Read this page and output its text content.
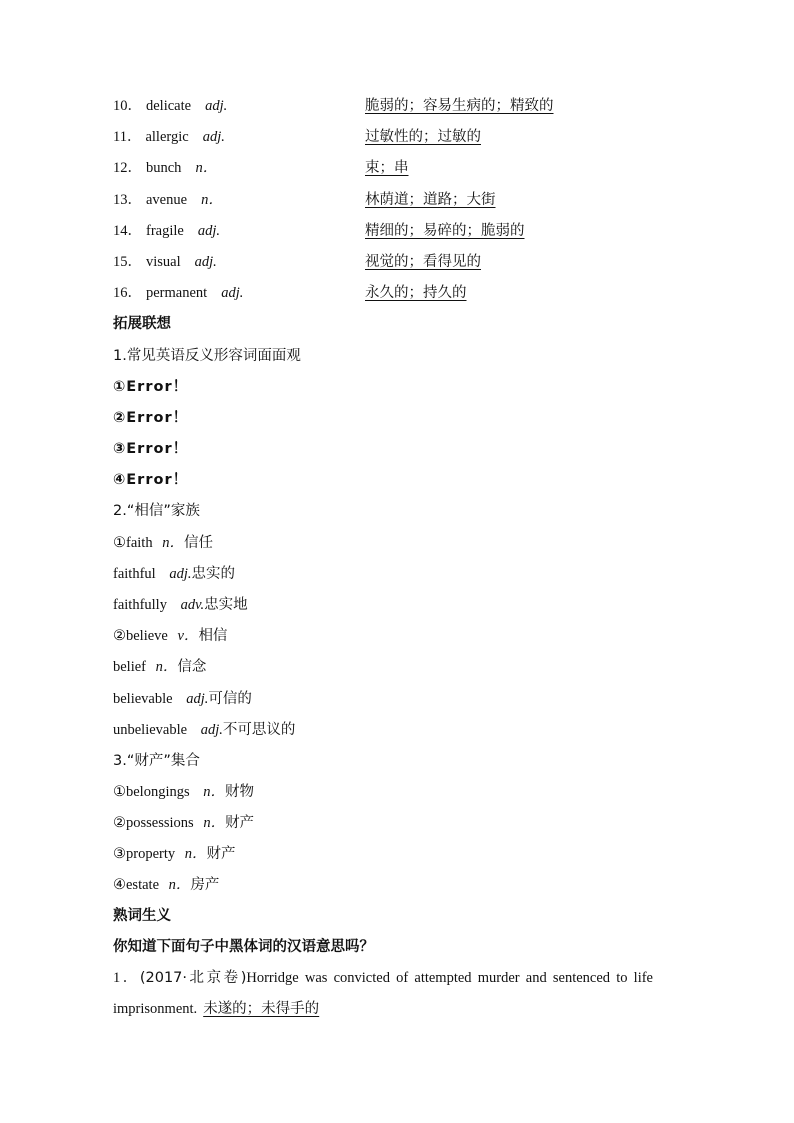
10． delicate adj.	脆弱的；容易生病的；精致的
11． allergic adj.	过敏性的；过敏的
12． bunch n．	束；串
13． avenue n．	林荫道；道路；大街
14． fragile adj.	精细的；易碎的；脆弱的
15． visual adj.	视觉的；看得见的
16． permanent adj.	永久的；持久的
拓展联想
1.常见英语反义形容词面面观
①Error！
②Error！
③Error！
④Error！
2.“相信”家族
①faith n．信任
faithful adj.忠实的
faithfully adv.忠实地
②believe v．相信
belief n．信念
believable adj.可信的
unbelievable adj.不可思议的
3.“财产”集合
①belongings n．财物
②possessions n．财产
③property n．财产
④estate n．房产
熟词生义
你知道下面句子中黑体词的汉语意思吗？
1．(2017·北京卷)Horridge was convicted of attempted murder and sentenced to life imprisonment. 未遂的；未得手的
